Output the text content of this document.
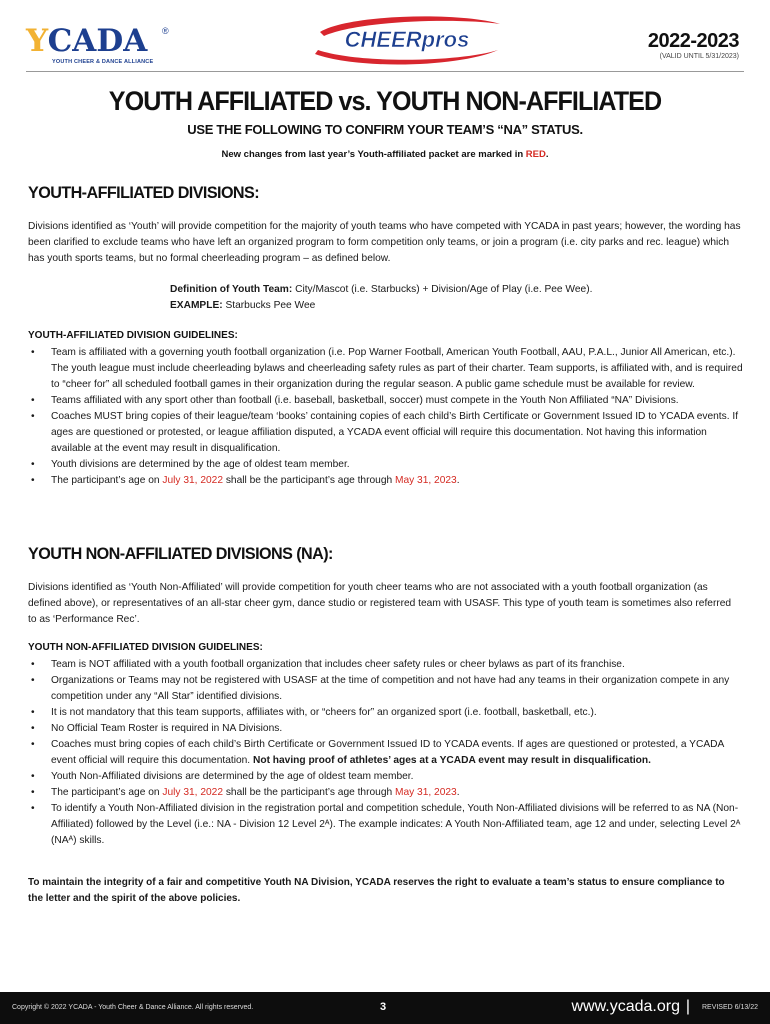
YCADA ®
YOUTH CHEER & DANCE ALLIANCE
CHEERpros	2022-2023
(VALID UNTIL 5/31/2023)
YOUTH AFFILIATED vs. YOUTH NON-AFFILIATED
USE THE FOLLOWING TO CONFIRM YOUR TEAM’S “NA” STATUS.
New changes from last year’s Youth-affiliated packet are marked in RED.
YOUTH-AFFILIATED DIVISIONS:

Divisions identified as ‘Youth’ will provide competition for the majority of youth teams who have competed with YCADA in past years; however, the wording has been clarified to exclude teams who have left an organized program to form competition only teams, or join a program (i.e. city parks and rec. league) which has youth sports teams, but no formal cheerleading program – as defined below.

Definition of Youth Team: City/Mascot (i.e. Starbucks) + Division/Age of Play (i.e. Pee Wee).
EXAMPLE: Starbucks Pee Wee
YOUTH-AFFILIATED DIVISION GUIDELINES:
• Team is affiliated with a governing youth football organization (i.e. Pop Warner Football, American Youth Football, AAU, P.A.L., Junior All American, etc.). The youth league must include cheerleading bylaws and cheerleading safety rules as part of their charter. Team supports, is affiliated with, and is required to “cheer for” all scheduled football games in their organization during the regular season. A public game schedule must be available for review.
• Teams affiliated with any sport other than football (i.e. baseball, basketball, soccer) must compete in the Youth Non Affiliated “NA” Divisions.
• Coaches MUST bring copies of their league/team ‘books’ containing copies of each child’s Birth Certificate or Government Issued ID to YCADA events. If ages are questioned or protested, or league affiliation disputed, a YCADA event official will require this documentation. Not having this information available at the event may result in disqualification.
• Youth divisions are determined by the age of oldest team member.
• The participant’s age on July 31, 2022 shall be the participant’s age through May 31, 2023.
YOUTH NON-AFFILIATED DIVISIONS (NA):

Divisions identified as ‘Youth Non-Affiliated’ will provide competition for youth cheer teams who are not associated with a youth football organization (as defined above), or representatives of an all-star cheer gym, dance studio or registered team with USASF. This type of youth team is sometimes also referred to as ‘Performance Rec’.

YOUTH NON-AFFILIATED DIVISION GUIDELINES:
• Team is NOT affiliated with a youth football organization that includes cheer safety rules or cheer bylaws as part of its franchise.
• Organizations or Teams may not be registered with USASF at the time of competition and not have had any teams in their organization compete in any competition under any “All Star” identified divisions.
• It is not mandatory that this team supports, affiliates with, or “cheers for” an organized sport (i.e. football, basketball, etc.).
• No Official Team Roster is required in NA Divisions.
• Coaches must bring copies of each child’s Birth Certificate or Government Issued ID to YCADA events. If ages are questioned or protested, a YCADA event official will require this documentation. Not having proof of athletes’ ages at a YCADA event may result in disqualification.
• Youth Non-Affiliated divisions are determined by the age of oldest team member.
• The participant’s age on July 31, 2022 shall be the participant’s age through May 31, 2023.
• To identify a Youth Non-Affiliated division in the registration portal and competition schedule, Youth Non-Affiliated divisions will be referred to as NA (Non-Affiliated) followed by the Level (i.e.: NA - Division 12 Level 2ᴬ). The example indicates: A Youth Non-Affiliated team, age 12 and under, selecting Level 2ᴬ (NAᴬ) skills.

To maintain the integrity of a fair and competitive Youth NA Division, YCADA reserves the right to evaluate a team’s status to ensure compliance to the letter and the spirit of the above policies.

Copyright © 2022 YCADA - Youth Cheer & Dance Alliance. All rights reserved.	3	www.ycada.org | REVISED 6/13/22
